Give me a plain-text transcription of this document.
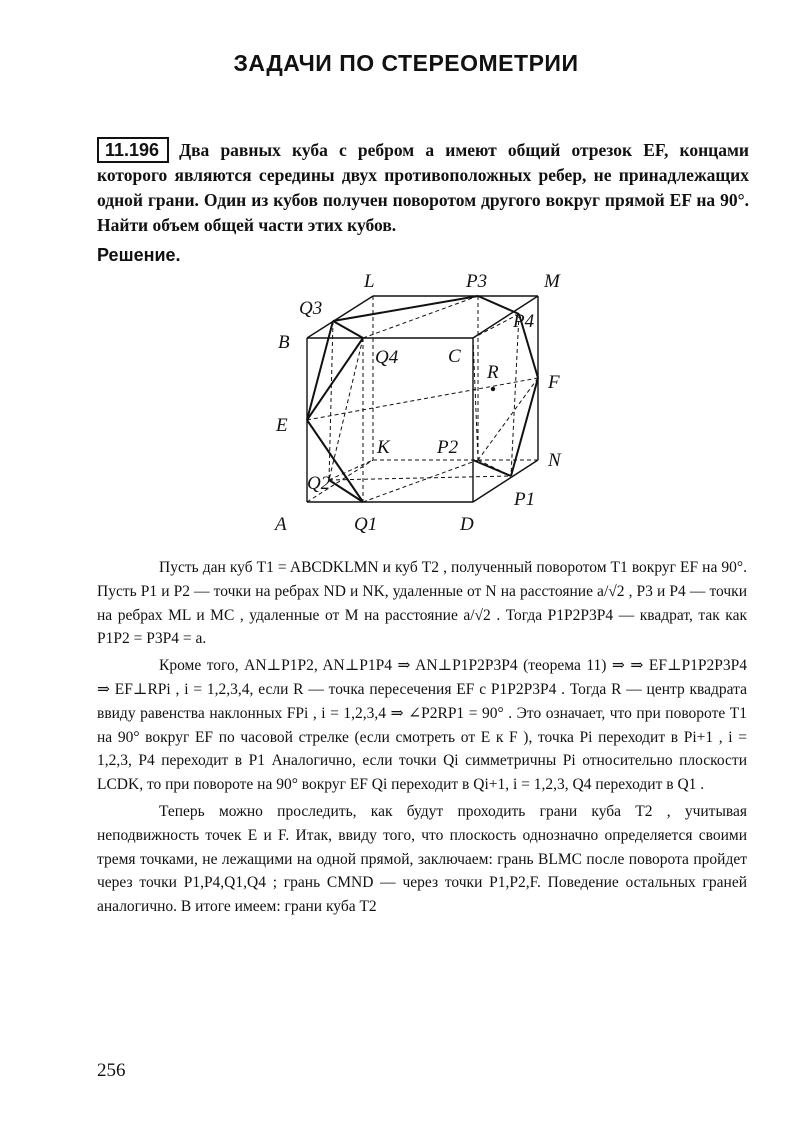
ЗАДАЧИ ПО СТЕРЕОМЕТРИИ
11.196 Два равных куба с ребром a имеют общий отрезок EF, концами которого являются середины двух противоположных ребер, не принадлежащих одной грани. Один из кубов получен поворотом другого вокруг прямой EF на 90°. Найти объем общей части этих кубов.
Решение.
L	P3	M
Q3
P4
B
Q4	C
R	F
E
K P2
N
Q2
P1
A	Q1	D

Пусть дан куб T1 = ABCDKLMN и куб T2 , полученный поворотом T1 вокруг EF на 90°. Пусть P1 и P2 — точки на ребрах ND и NK, удаленные от N на расстояние a/√2 , P3 и P4 — точки на ребрах ML и MC , удаленные от M на расстояние a/√2 . Тогда P1P2P3P4 — квадрат, так как P1P2 = P3P4 = a.

Кроме того, AN⊥P1P2, AN⊥P1P4 ⇒ AN⊥P1P2P3P4 (теорема 11) ⇒ ⇒ EF⊥P1P2P3P4 ⇒ EF⊥RPi , i = 1,2,3,4, если R — точка пересечения EF с P1P2P3P4 . Тогда R — центр квадрата ввиду равенства наклонных FPi , i = 1,2,3,4 ⇒ ∠P2RP1 = 90° . Это означает, что при повороте T1 на 90° вокруг EF по часовой стрелке (если смотреть от E к F ), точка Pi переходит в Pi+1 , i = 1,2,3, P4 переходит в P1 Аналогично, если точки Qi симметричны Pi относительно плоскости LCDK, то при повороте на 90° вокруг EF Qi переходит в Qi+1, i = 1,2,3, Q4 переходит в Q1 .

Теперь можно проследить, как будут проходить грани куба T2 , учитывая неподвижность точек E и F. Итак, ввиду того, что плоскость однозначно определяется своими тремя точками, не лежащими на одной прямой, заключаем: грань BLMC после поворота пройдет через точки P1,P4,Q1,Q4 ; грань CMND — через точки P1,P2,F. Поведение остальных граней аналогично. В итоге имеем: грани куба T2

256
